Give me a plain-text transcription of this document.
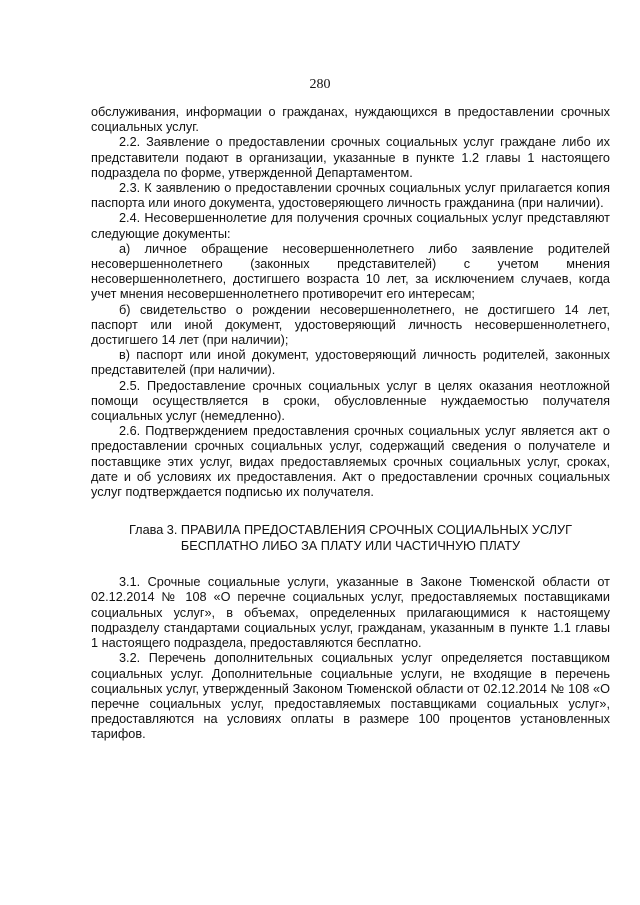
280

обслуживания, информации о гражданах, нуждающихся в предоставлении срочных социальных услуг.

2.2. Заявление о предоставлении срочных социальных услуг граждане либо их представители подают в организации, указанные в пункте 1.2 главы 1 настоящего подраздела по форме, утвержденной Департаментом.

2.3. К заявлению о предоставлении срочных социальных услуг прилагается копия паспорта или иного документа, удостоверяющего личность гражданина (при наличии).

2.4. Несовершеннолетие для получения срочных социальных услуг представляют следующие документы:

а) личное обращение несовершеннолетнего либо заявление родителей несовершеннолетнего (законных представителей) с учетом мнения несовершеннолетнего, достигшего возраста 10 лет, за исключением случаев, когда учет мнения несовершеннолетнего противоречит его интересам;

б) свидетельство о рождении несовершеннолетнего, не достигшего 14 лет, паспорт или иной документ, удостоверяющий личность несовершеннолетнего, достигшего 14 лет (при наличии);

в) паспорт или иной документ, удостоверяющий личность родителей, законных представителей (при наличии).

2.5. Предоставление срочных социальных услуг в целях оказания неотложной помощи осуществляется в сроки, обусловленные нуждаемостью получателя социальных услуг (немедленно).

2.6. Подтверждением предоставления срочных социальных услуг является акт о предоставлении срочных социальных услуг, содержащий сведения о получателе и поставщике этих услуг, видах предоставляемых срочных социальных услуг, сроках, дате и об условиях их предоставления. Акт о предоставлении срочных социальных услуг подтверждается подписью их получателя.

Глава 3. ПРАВИЛА ПРЕДОСТАВЛЕНИЯ СРОЧНЫХ СОЦИАЛЬНЫХ УСЛУГ
БЕСПЛАТНО ЛИБО ЗА ПЛАТУ ИЛИ ЧАСТИЧНУЮ ПЛАТУ

3.1. Срочные социальные услуги, указанные в Законе Тюменской области от 02.12.2014 № 108 «О перечне социальных услуг, предоставляемых поставщиками социальных услуг», в объемах, определенных прилагающимися к настоящему подразделу стандартами социальных услуг, гражданам, указанным в пункте 1.1 главы 1 настоящего подраздела, предоставляются бесплатно.

3.2. Перечень дополнительных социальных услуг определяется поставщиком социальных услуг. Дополнительные социальные услуги, не входящие в перечень социальных услуг, утвержденный Законом Тюменской области от 02.12.2014 № 108 «О перечне социальных услуг, предоставляемых поставщиками социальных услуг», предоставляются на условиях оплаты в размере 100 процентов установленных тарифов.
